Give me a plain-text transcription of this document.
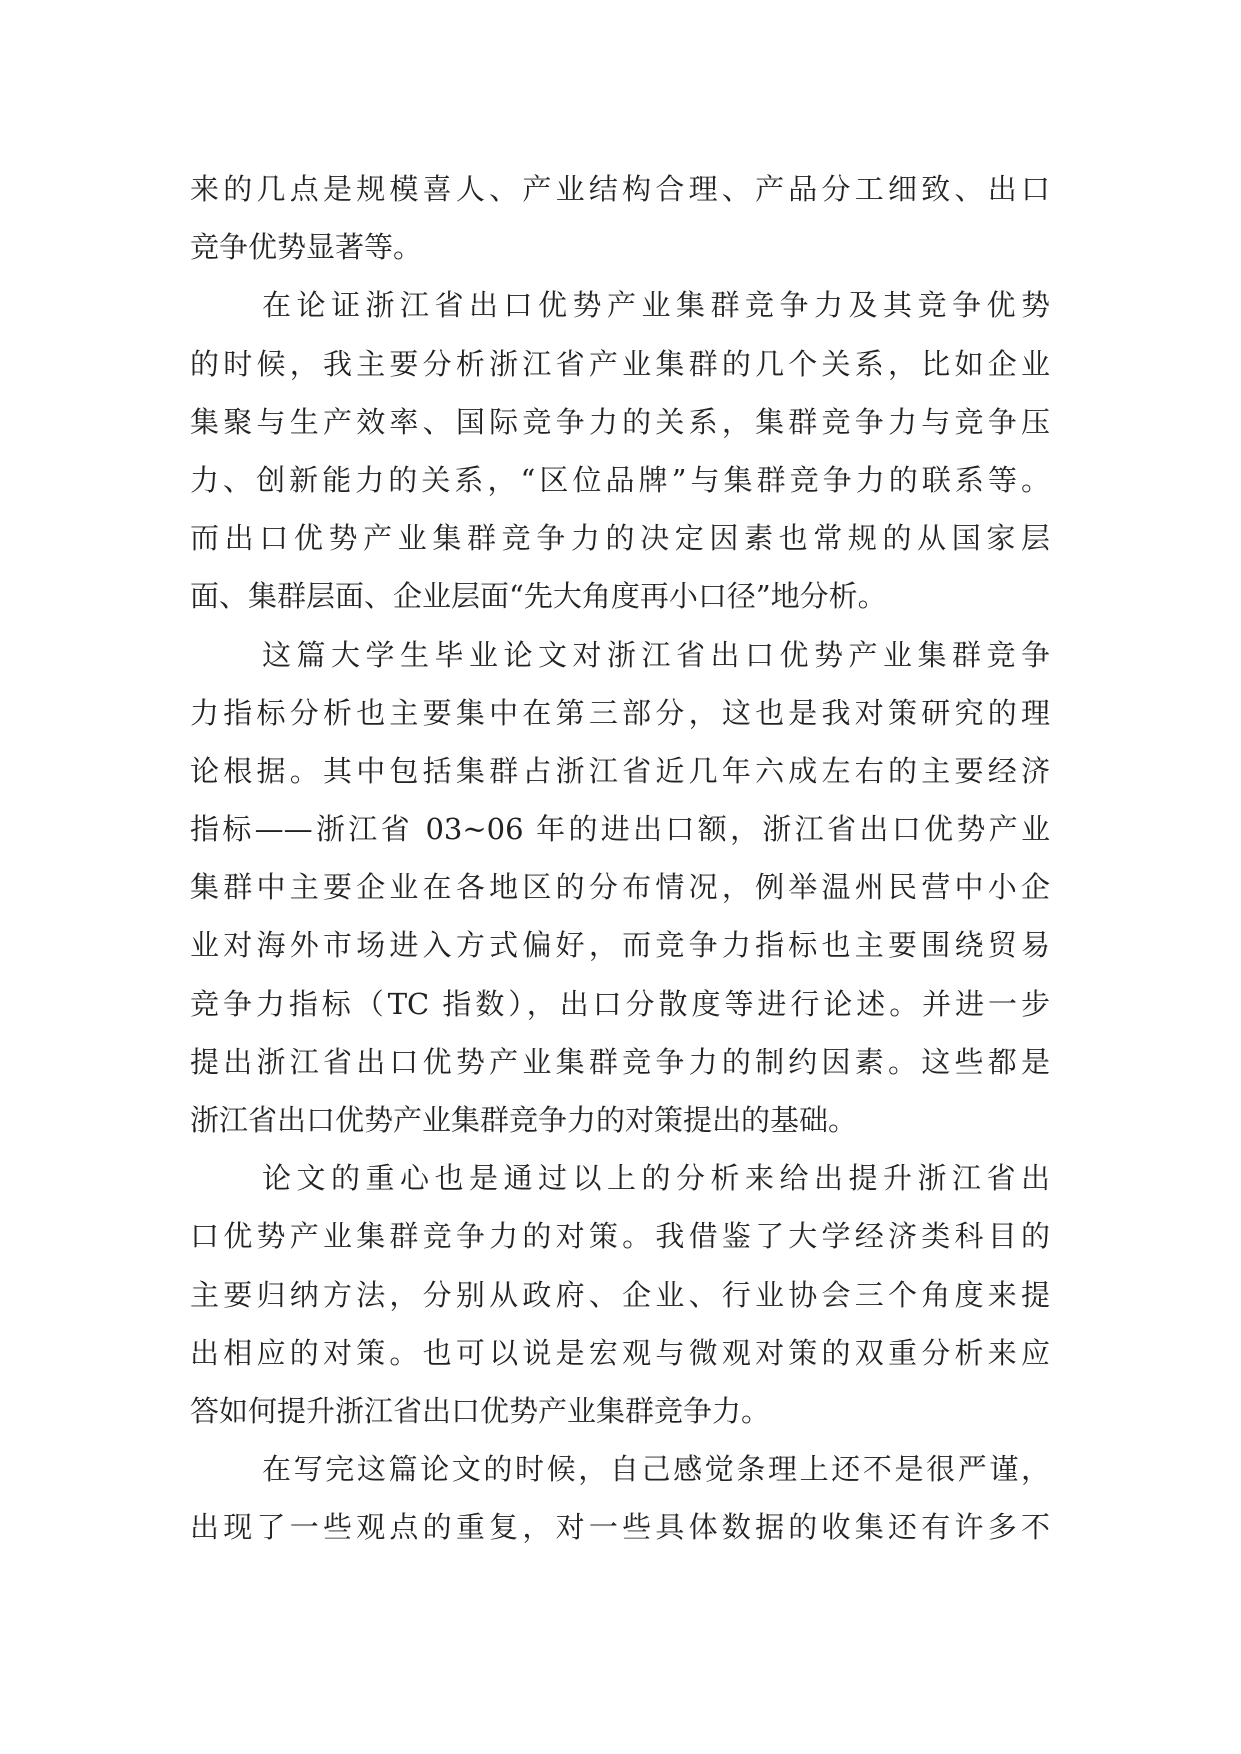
来的几点是规模喜人、产业结构合理、产品分工细致、出口
竞争优势显著等。
在论证浙江省出口优势产业集群竞争力及其竞争优势
的时候，我主要分析浙江省产业集群的几个关系，比如企业
集聚与生产效率、国际竞争力的关系，集群竞争力与竞争压
力、创新能力的关系，“区位品牌”与集群竞争力的联系等。
而出口优势产业集群竞争力的决定因素也常规的从国家层
面、集群层面、企业层面“先大角度再小口径”地分析。
这篇大学生毕业论文对浙江省出口优势产业集群竞争
力指标分析也主要集中在第三部分，这也是我对策研究的理
论根据。其中包括集群占浙江省近几年六成左右的主要经济
指标——浙江省 03~06 年的进出口额，浙江省出口优势产业
集群中主要企业在各地区的分布情况，例举温州民营中小企
业对海外市场进入方式偏好，而竞争力指标也主要围绕贸易
竞争力指标（TC 指数），出口分散度等进行论述。并进一步
提出浙江省出口优势产业集群竞争力的制约因素。这些都是
浙江省出口优势产业集群竞争力的对策提出的基础。
论文的重心也是通过以上的分析来给出提升浙江省出
口优势产业集群竞争力的对策。我借鉴了大学经济类科目的
主要归纳方法，分别从政府、企业、行业协会三个角度来提
出相应的对策。也可以说是宏观与微观对策的双重分析来应
答如何提升浙江省出口优势产业集群竞争力。
在写完这篇论文的时候，自己感觉条理上还不是很严谨，
出现了一些观点的重复，对一些具体数据的收集还有许多不
